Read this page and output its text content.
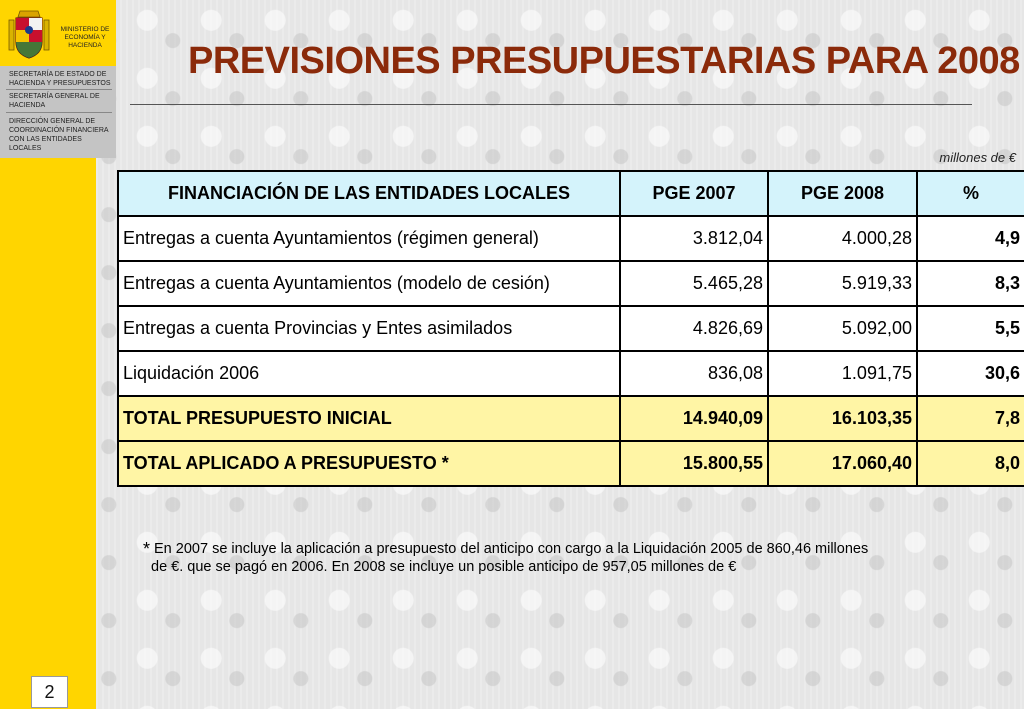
MINISTERIO DE
ECONOMÍA Y
HACIENDA
SECRETARÍA DE ESTADO DE
HACIENDA Y PRESUPUESTOS
SECRETARÍA GENERAL DE
HACIENDA
DIRECCIÓN GENERAL DE
COORDINACIÓN FINANCIERA
CON LAS ENTIDADES
LOCALES
2
PREVISIONES PRESUPUESTARIAS PARA 2008
millones de €
FINANCIACIÓN DE LAS ENTIDADES LOCALES	PGE 2007	PGE 2008	%
Entregas a cuenta Ayuntamientos (régimen general)	3.812,04	4.000,28	4,9
Entregas a cuenta Ayuntamientos (modelo de cesión)	5.465,28	5.919,33	8,3
Entregas a cuenta Provincias y Entes asimilados	4.826,69	5.092,00	5,5
Liquidación 2006	836,08	1.091,75	30,6
TOTAL PRESUPUESTO INICIAL	14.940,09	16.103,35	7,8
TOTAL APLICADO A PRESUPUESTO *	15.800,55	17.060,40	8,0
* En 2007 se incluye la aplicación a presupuesto del anticipo con cargo a la Liquidación 2005 de 860,46 millones
de €. que se pagó en 2006. En 2008 se incluye un posible anticipo de 957,05 millones de €
